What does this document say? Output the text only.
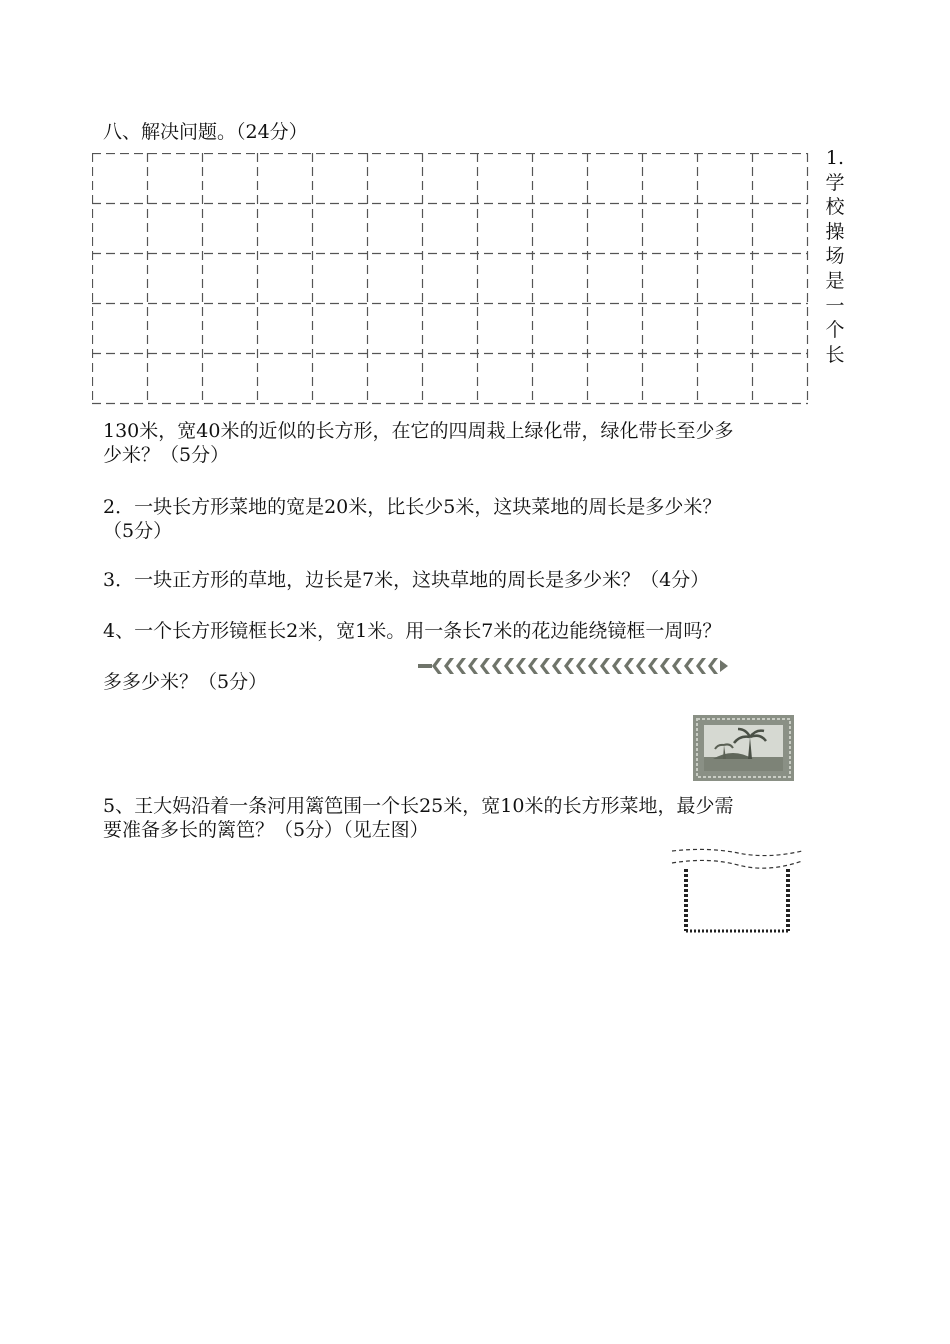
八、解决问题。（24分）
1.学校操场是一个长
130米，宽40米的近似的长方形，在它的四周栽上绿化带，绿化带长至少多
少米？（5分）
2．一块长方形菜地的宽是20米，比长少5米，这块菜地的周长是多少米？
（5分）
3．一块正方形的草地，边长是7米，这块草地的周长是多少米？（4分）
4、一个长方形镜框长2米，宽1米。用一条长7米的花边能绕镜框一周吗？
多多少米？（5分）
5、王大妈沿着一条河用篱笆围一个长25米，宽10米的长方形菜地，最少需
要准备多长的篱笆？（5分）（见左图）
